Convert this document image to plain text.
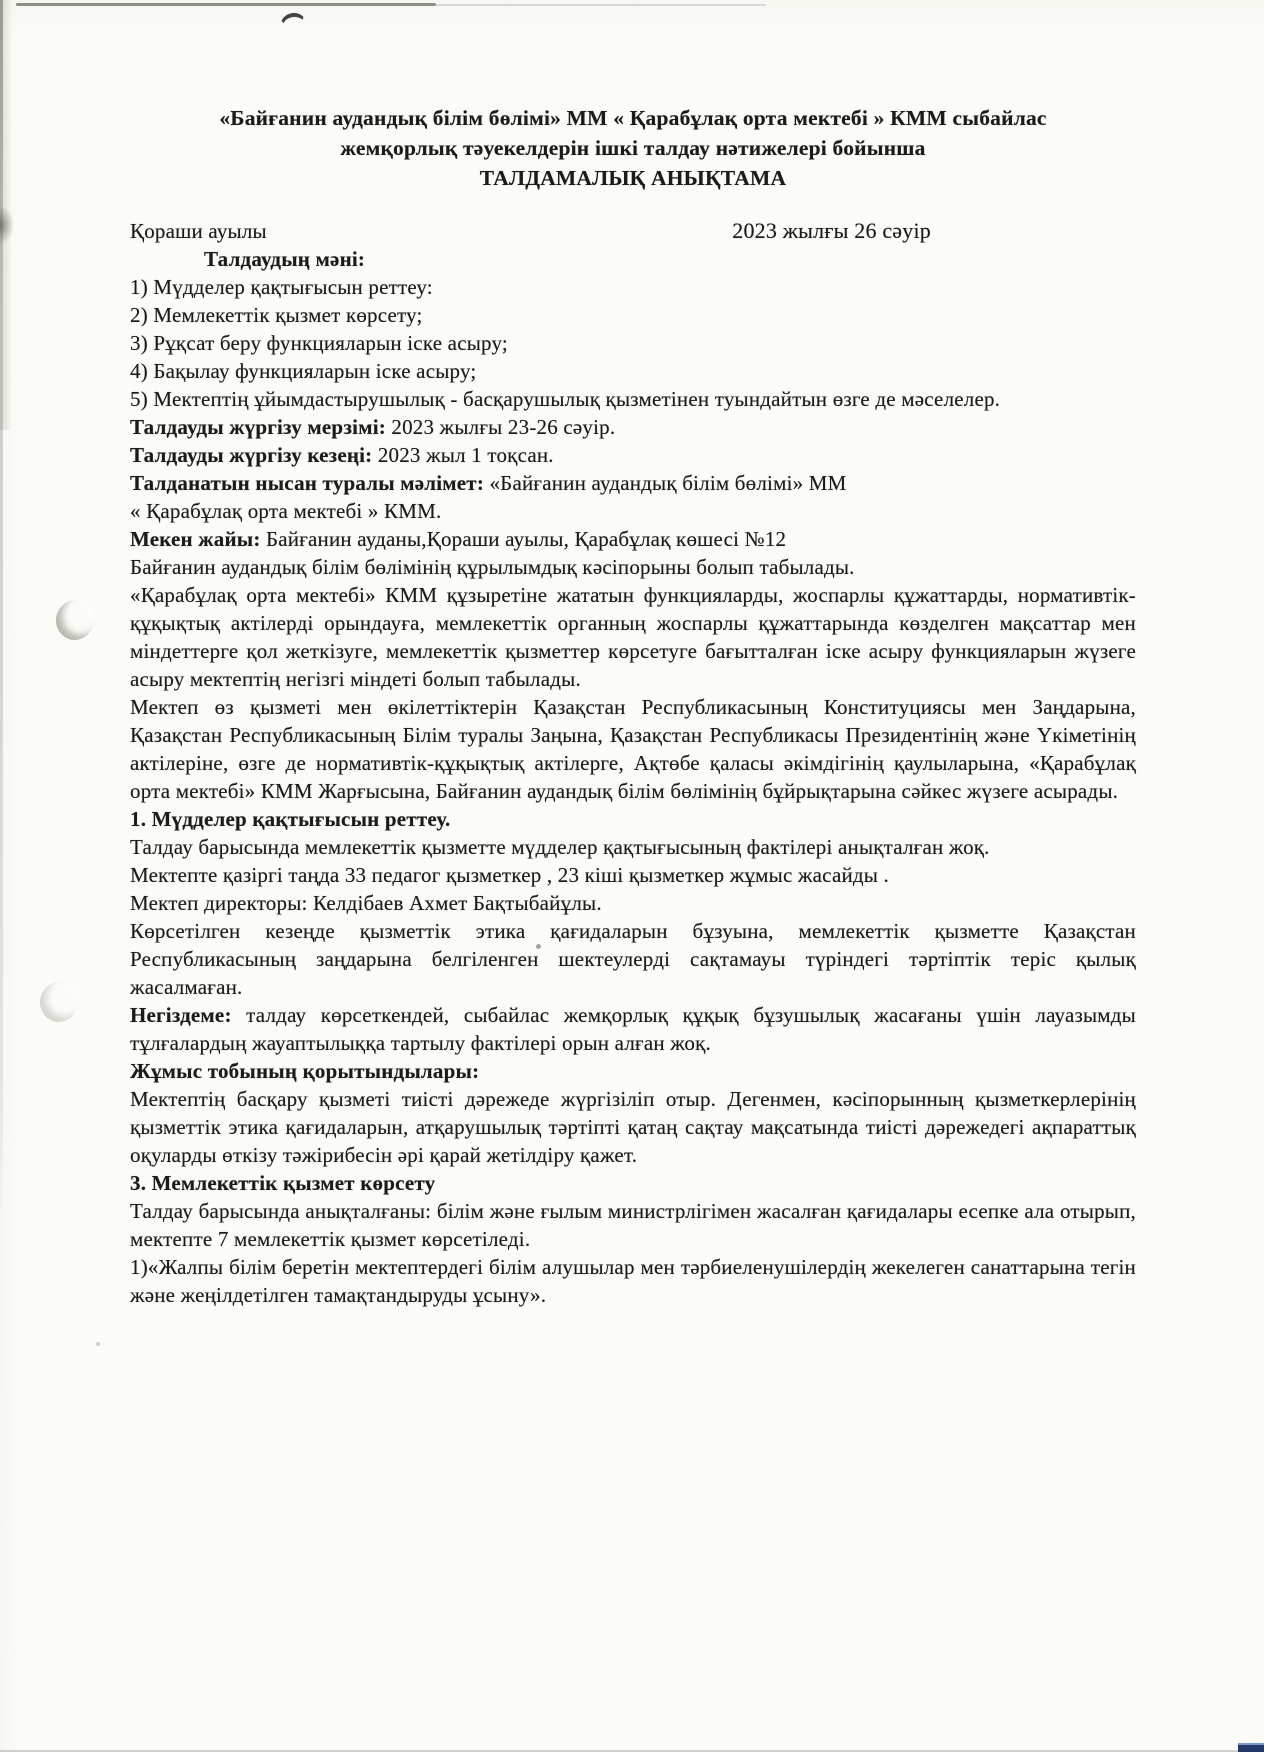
«Байғанин аудандық білім бөлімі» ММ « Қарабұлақ орта мектебі » КММ сыбайлас
жемқорлық тәуекелдерін ішкі талдау нәтижелері бойынша
ТАЛДАМАЛЫҚ АНЫҚТАМА
Қораши ауылы	2023 жылғы 26 сәуір

Талдаудың мәні:

1) Мүдделер қақтығысын реттеу:

2) Мемлекеттік қызмет көрсету;

3) Рұқсат беру функцияларын іске асыру;

4) Бақылау функцияларын іске асыру;

5) Мектептің ұйымдастырушылық - басқарушылық қызметінен туындайтын өзге де мәселелер.

Талдауды жүргізу мерзімі: 2023 жылғы 23-26 сәуір.

Талдауды жүргізу кезеңі: 2023 жыл 1 тоқсан.

Талданатын нысан туралы мәлімет: «Байғанин аудандық білім бөлімі» ММ

« Қарабұлақ орта мектебі » КММ.

Мекен жайы: Байғанин ауданы,Қораши ауылы, Қарабұлақ көшесі №12

Байғанин аудандық білім бөлімінің құрылымдық кәсіпорыны болып табылады.

«Қарабұлақ орта мектебі» КММ құзыретіне жататын функцияларды, жоспарлы құжаттарды, нормативтік-құқықтық актілерді орындауға, мемлекеттік органның жоспарлы құжаттарында көзделген мақсаттар мен міндеттерге қол жеткізуге, мемлекеттік қызметтер көрсетуге бағытталған іске асыру функцияларын жүзеге асыру мектептің негізгі міндеті болып табылады.

Мектеп өз қызметі мен өкілеттіктерін Қазақстан Республикасының Конституциясы мен Заңдарына, Қазақстан Республикасының Білім туралы Заңына, Қазақстан Республикасы Президентінің және Үкіметінің актілеріне, өзге де нормативтік-құқықтық актілерге, Ақтөбе қаласы әкімдігінің қаулыларына, «Қарабұлақ орта мектебі» КММ Жарғысына, Байғанин аудандық білім бөлімінің бұйрықтарына сәйкес жүзеге асырады.

1. Мүдделер қақтығысын реттеу.

Талдау барысында мемлекеттік қызметте мүдделер қақтығысының фактілері анықталған жоқ.

Мектепте қазіргі таңда 33 педагог қызметкер , 23 кіші қызметкер жұмыс жасайды .

Мектеп директоры: Келдібаев Ахмет Бақтыбайұлы.

Көрсетілген кезеңде қызметтік этика қағидаларын бұзуына, мемлекеттік қызметте Қазақстан Республикасының заңдарына белгіленген шектеулерді сақтамауы түріндегі тәртіптік теріс қылық жасалмаған.

Негіздеме: талдау көрсеткендей, сыбайлас жемқорлық құқық бұзушылық жасағаны үшін лауазымды тұлғалардың жауаптылыққа тартылу фактілері орын алған жоқ.

Жұмыс тобының қорытындылары:

Мектептің басқару қызметі тиісті дәрежеде жүргізіліп отыр. Дегенмен, кәсіпорынның қызметкерлерінің қызметтік этика қағидаларын, атқарушылық тәртіпті қатаң сақтау мақсатында тиісті дәрежедегі ақпараттық оқуларды өткізу тәжірибесін әрі қарай жетілдіру қажет.

3. Мемлекеттік қызмет көрсету

Талдау барысында анықталғаны: білім және ғылым министрлігімен жасалған қағидалары есепке ала отырып, мектепте 7 мемлекеттік қызмет көрсетіледі.

1)«Жалпы білім беретін мектептердегі білім алушылар мен тәрбиеленушілердің жекелеген санаттарына тегін және жеңілдетілген тамақтандыруды ұсыну».
